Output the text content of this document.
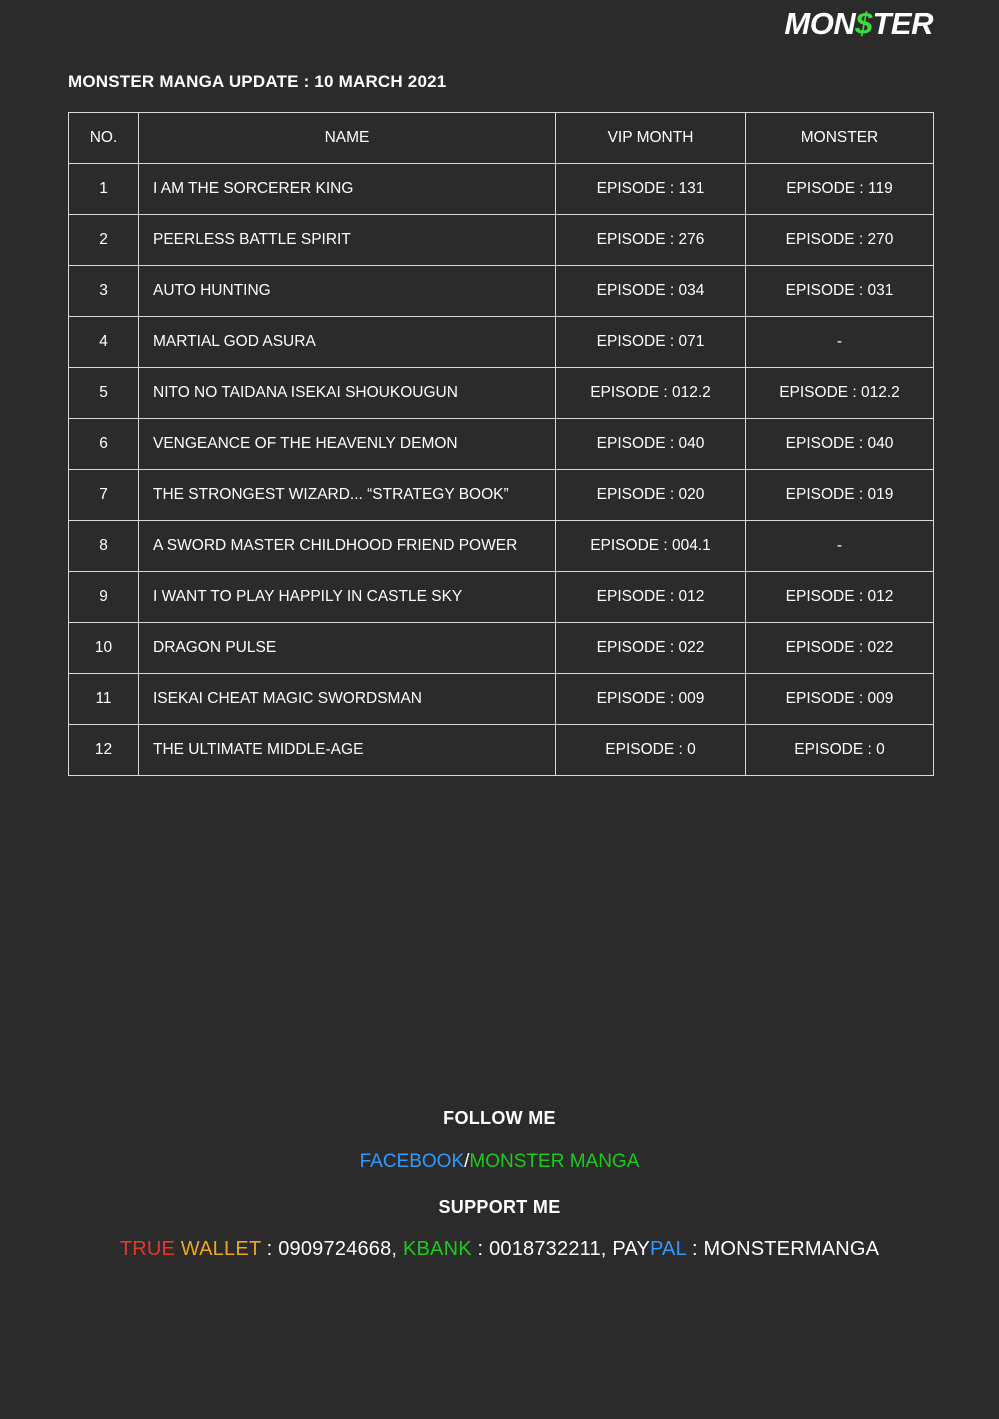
MON $ TER
MONSTER MANGA UPDATE : 10 MARCH 2021
NO.	NAME	VIP MONTH	MONSTER
1	I AM THE SORCERER KING	EPISODE : 131	EPISODE : 119
2	PEERLESS BATTLE SPIRIT	EPISODE : 276	EPISODE : 270
3	AUTO HUNTING	EPISODE : 034	EPISODE : 031
4	MARTIAL GOD ASURA	EPISODE : 071	-
5	NITO NO TAIDANA ISEKAI SHOUKOUGUN	EPISODE : 012.2	EPISODE : 012.2
6	VENGEANCE OF THE HEAVENLY DEMON	EPISODE : 040	EPISODE : 040
7	THE STRONGEST WIZARD... “STRATEGY BOOK”	EPISODE : 020	EPISODE : 019
8	A SWORD MASTER CHILDHOOD FRIEND POWER	EPISODE : 004.1	-
9	I WANT TO PLAY HAPPILY IN CASTLE SKY	EPISODE : 012	EPISODE : 012
10	DRAGON PULSE	EPISODE : 022	EPISODE : 022
11	ISEKAI CHEAT MAGIC SWORDSMAN	EPISODE : 009	EPISODE : 009
12	THE ULTIMATE MIDDLE-AGE	EPISODE : 0	EPISODE : 0
FOLLOW ME
FACEBOOK/MONSTER MANGA
SUPPORT ME
TRUE WALLET : 0909724668, KBANK : 0018732211, PAYPAL : MONSTERMANGA
